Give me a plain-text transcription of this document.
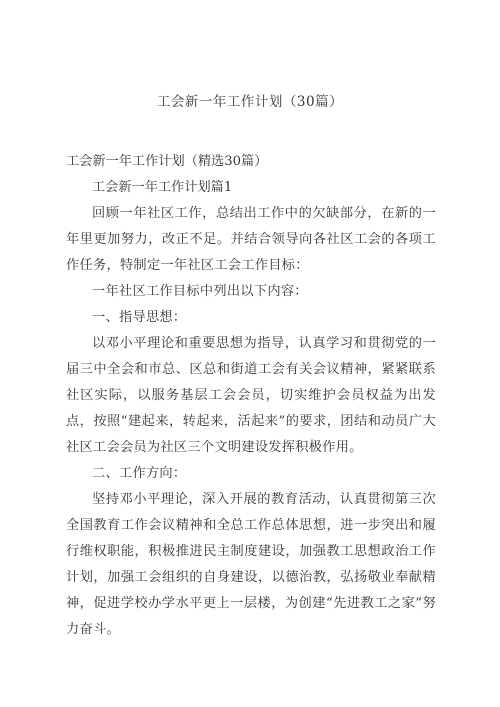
工会新一年工作计划（30篇）
工会新一年工作计划（精选30篇）
工会新一年工作计划篇1
回顾一年社区工作，总结出工作中的欠缺部分，在新的一年里更加努力，改正不足。并结合领导向各社区工会的各项工作任务，特制定一年社区工会工作目标：
一年社区工作目标中列出以下内容：
一、指导思想：
以邓小平理论和重要思想为指导，认真学习和贯彻党的一届三中全会和市总、区总和街道工会有关会议精神，紧紧联系社区实际，以服务基层工会会员，切实维护会员权益为出发点，按照“建起来，转起来，活起来”的要求，团结和动员广大社区工会会员为社区三个文明建设发挥积极作用。
二、工作方向：
坚持邓小平理论，深入开展的教育活动，认真贯彻第三次全国教育工作会议精神和全总工作总体思想，进一步突出和履行维权职能，积极推进民主制度建设，加强教工思想政治工作计划，加强工会组织的自身建设，以德治教，弘扬敬业奉献精神，促进学校办学水平更上一层楼，为创建“先进教工之家”努力奋斗。
